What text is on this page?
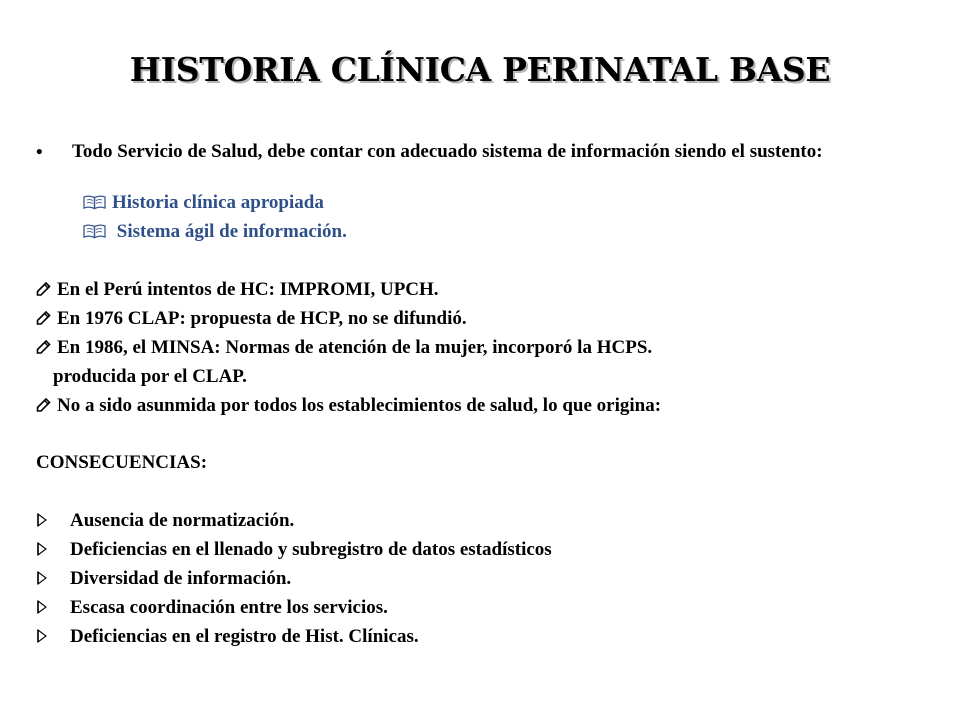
HISTORIA CLÍNICA PERINATAL BASE
• Todo Servicio de Salud, debe contar con adecuado sistema de información siendo el sustento:
Historia clínica apropiada
Sistema ágil de información.
En el Perú intentos de HC: IMPROMI, UPCH.
En 1976 CLAP: propuesta de HCP, no se difundió.
En 1986, el MINSA: Normas de atención de la mujer, incorporó la HCPS.
producida por el CLAP.
No a sido asunmida por todos los establecimientos de salud, lo que origina:
CONSECUENCIAS:
Ausencia de normatización.
Deficiencias en el llenado y subregistro de datos estadísticos
Diversidad de información.
Escasa coordinación entre los servicios.
Deficiencias en el registro de Hist. Clínicas.
